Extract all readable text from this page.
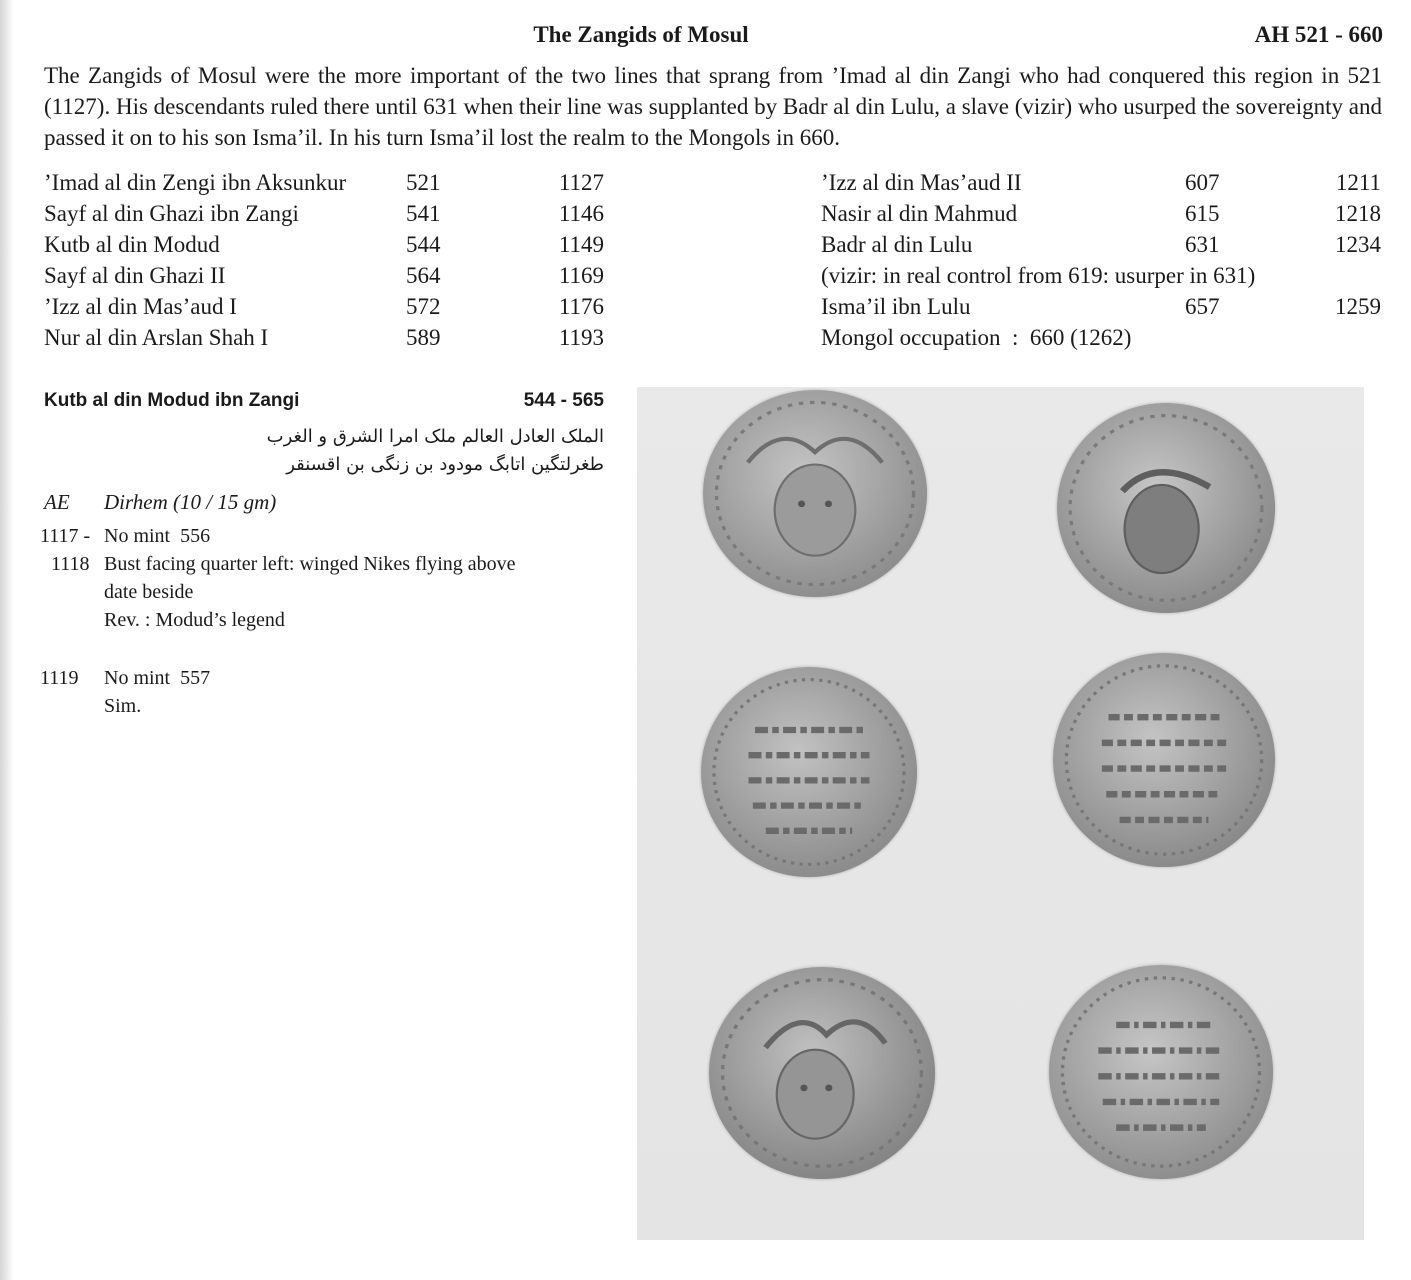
The Zangids of Mosul	AH 521 - 660

The Zangids of Mosul were the more important of the two lines that sprang from ’Imad al din Zangi who had conquered this region in 521 (1127). His descendants ruled there until 631 when their line was supplanted by Badr al din Lulu, a slave (vizir) who usurped the sovereignty and passed it on to his son Isma’il. In his turn Isma’il lost the realm to the Mongols in 660.

’Imad al din Zengi ibn Aksunkur	521	1127
Sayf al din Ghazi ibn Zangi	541	1146
Kutb al din Modud	544	1149
Sayf al din Ghazi II	564	1169
’Izz al din Mas’aud I	572	1176
Nur al din Arslan Shah I	589	1193
’Izz al din Mas’aud II	607	1211
Nasir al din Mahmud	615	1218
Badr al din Lulu	631	1234
(vizir: in real control from 619: usurper in 631)
Isma’il ibn Lulu	657	1259
Mongol occupation  :  660 (1262)
Kutb al din Modud ibn Zangi	544 - 565
الملک العادل العالم ملک امرا الشرق و الغرب
طغرلتگین اتابگ مودود بن زنگی بن اقسنقر
AE Dirhem (10 / 15 gm)
1117 - No mint  556
1118 Bust facing quarter left: winged Nikes flying above
date beside
Rev. : Modud’s legend
1119 No mint  557
Sim.
